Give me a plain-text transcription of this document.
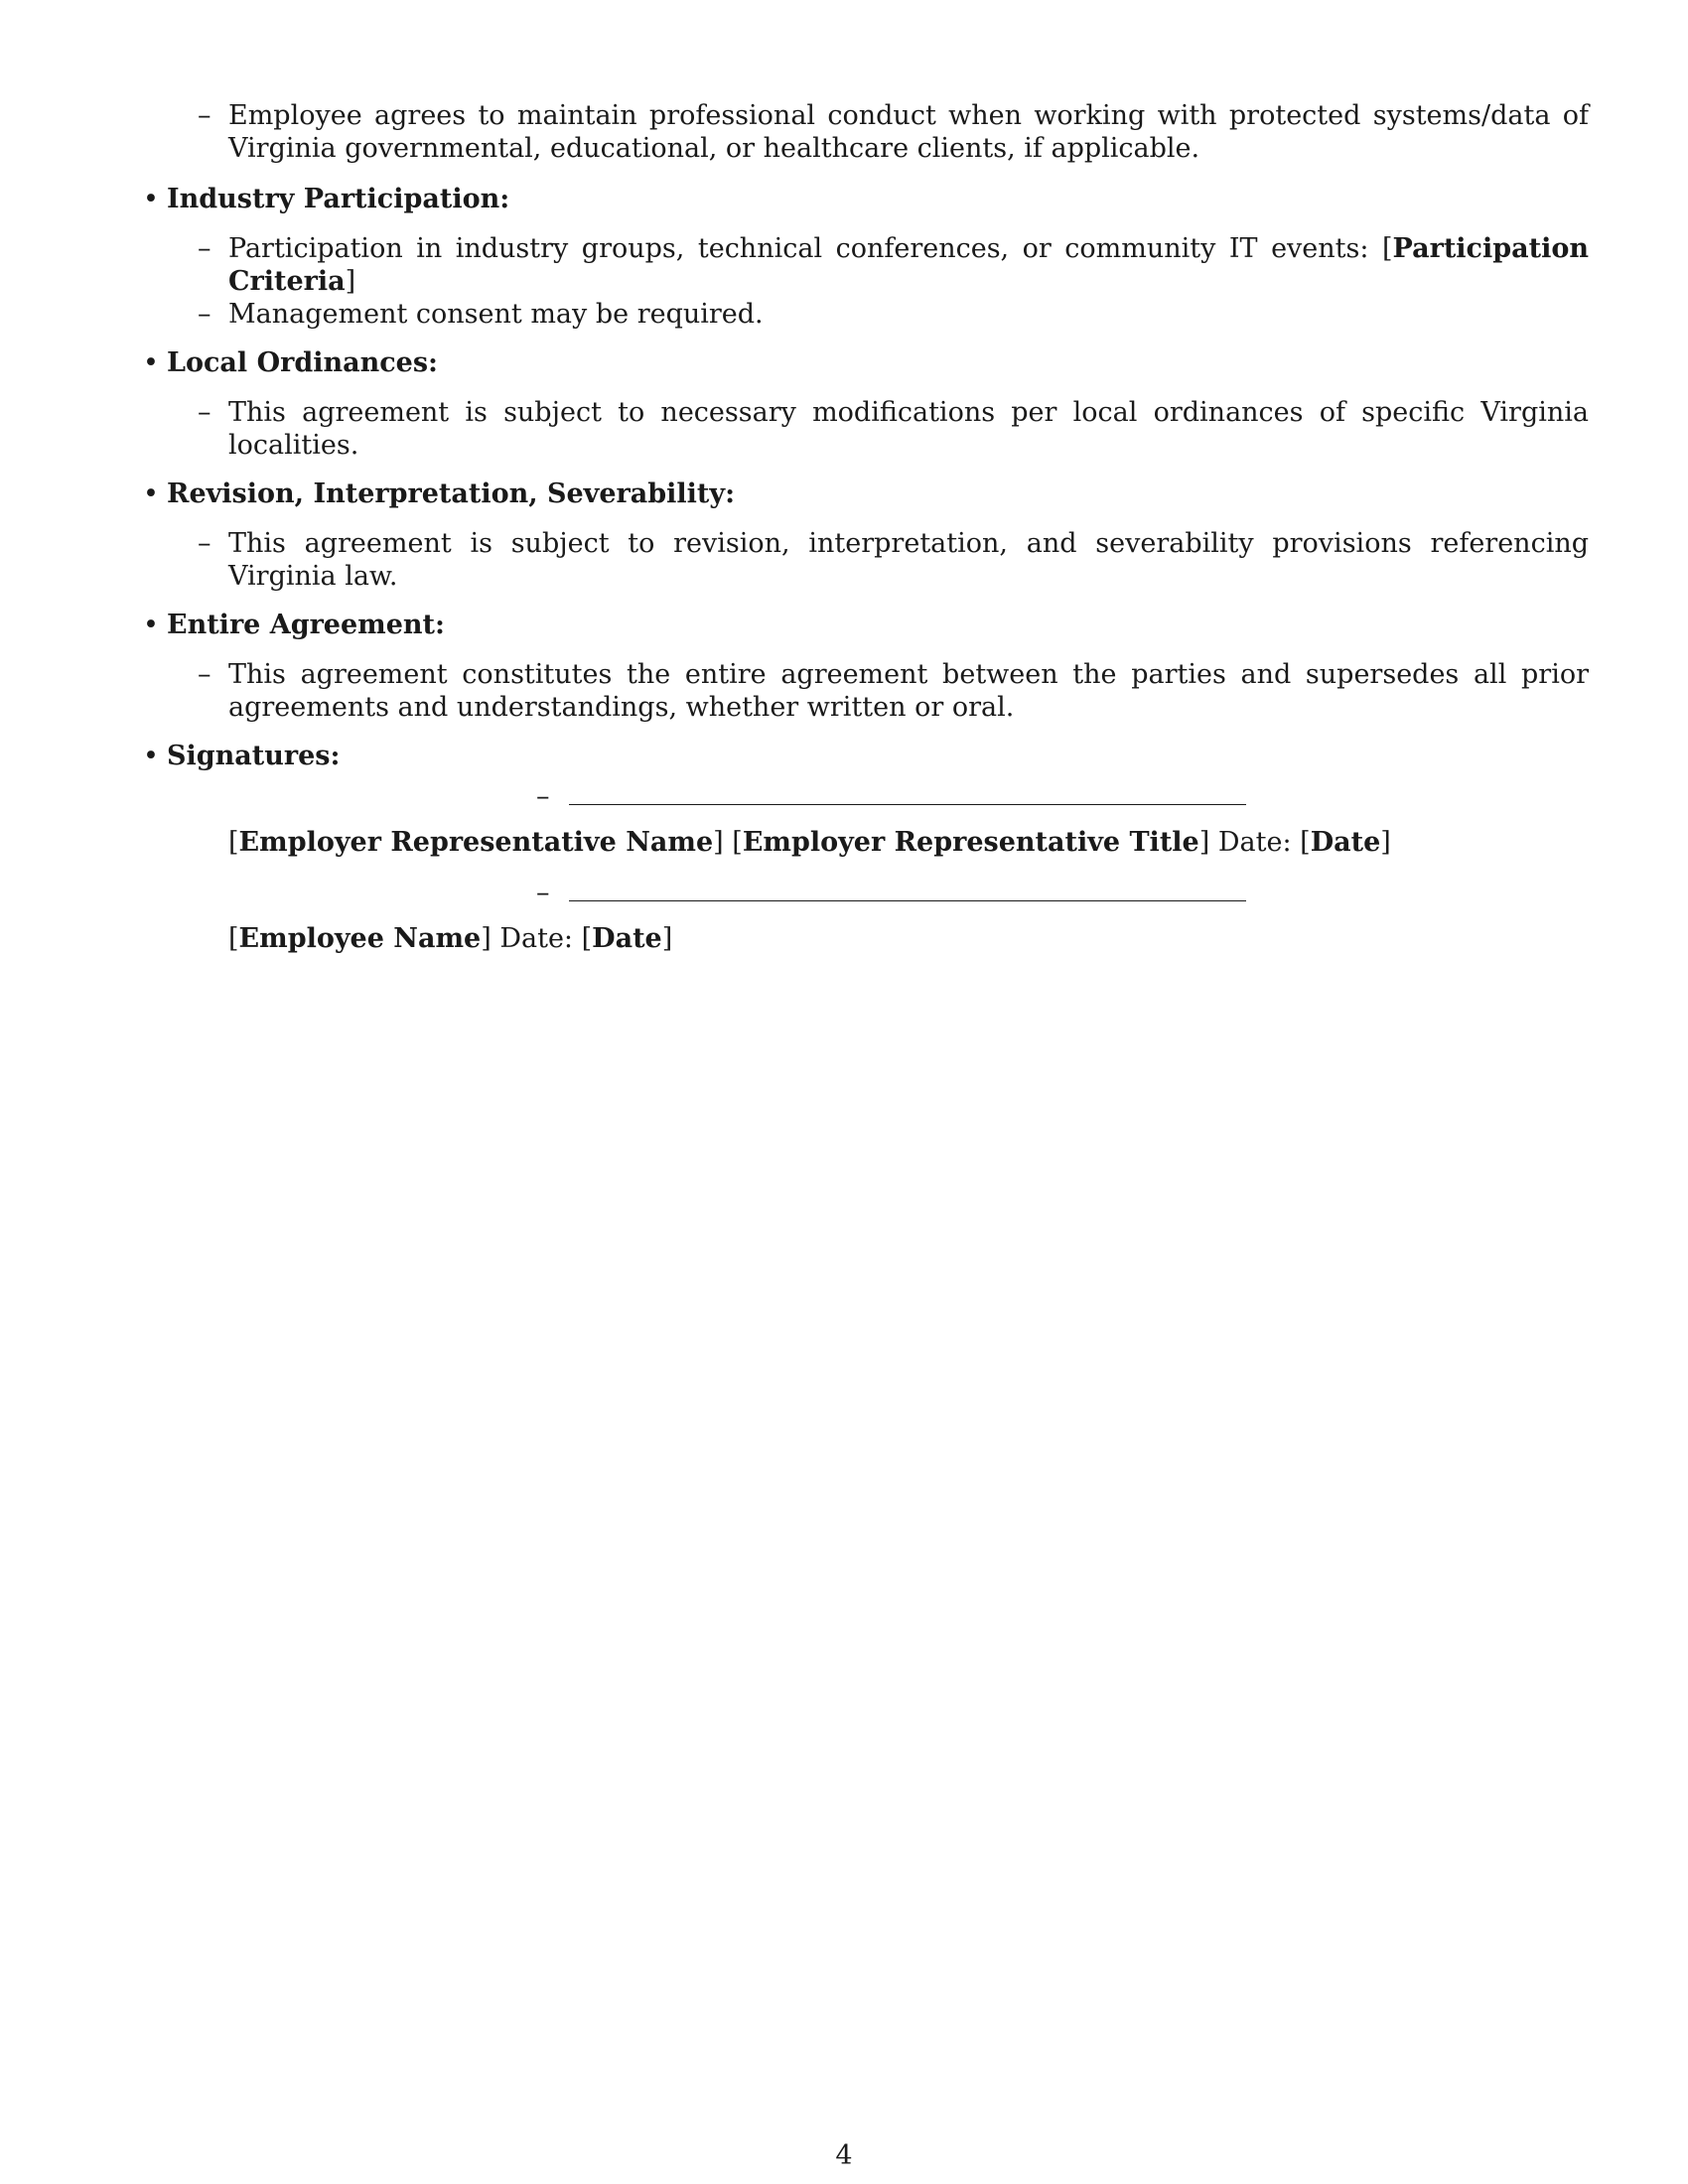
– Employee agrees to maintain professional conduct when working with protected systems/data of Virginia governmental, educational, or healthcare clients, if applicable.
• Industry Participation:
– Participation in industry groups, technical conferences, or community IT events: [Participation Criteria]
– Management consent may be required.
• Local Ordinances:
– This agreement is subject to necessary modifications per local ordinances of specific Virginia localities.
• Revision, Interpretation, Severability:
– This agreement is subject to revision, interpretation, and severability provisions referencing Virginia law.
• Entire Agreement:
– This agreement constitutes the entire agreement between the parties and supersedes all prior agreements and understandings, whether written or oral.
• Signatures:
–
[Employer Representative Name] [Employer Representative Title] Date: [Date]
–
[Employee Name] Date: [Date]
4
